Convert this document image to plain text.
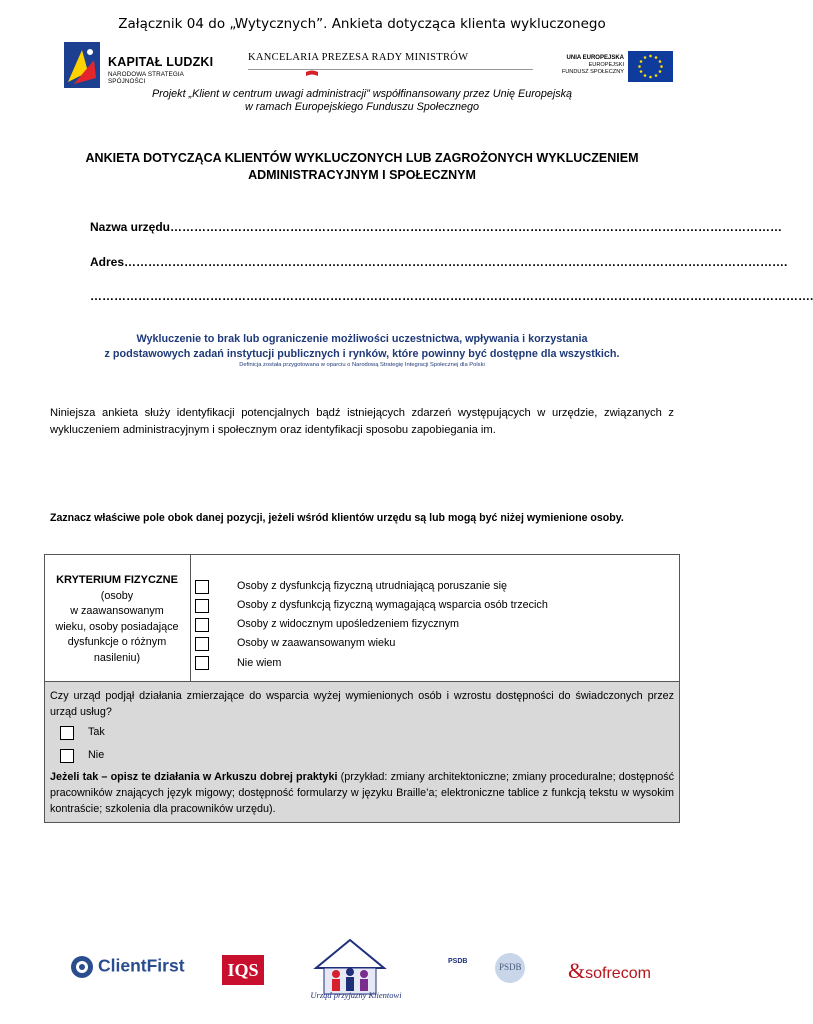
Załącznik 04 do „Wytycznych”. Ankieta dotycząca klienta wykluczonego
KAPITAŁ LUDZKI
NARODOWA STRATEGIA SPÓJNOŚCI
KANCELARIA PREZESA RADY MINISTRÓW	UNIA EUROPEJSKA
EUROPEJSKI
FUNDUSZ SPOŁECZNY
Projekt „Klient w centrum uwagi administracji” współfinansowany przez Unię Europejską
w ramach Europejskiego Funduszu Społecznego
ANKIETA DOTYCZĄCA KLIENTÓW WYKLUCZONYCH LUB ZAGROŻONYCH WYKLUCZENIEM
ADMINISTRACYJNYM I SPOŁECZNYM
Nazwa urzędu………………………………………………………………………………………………………………………………………
Adres………………………………………………………………………………………………………………………………………………….
……………………………………………………………………………………………………………………………………………………………….
Wykluczenie to brak lub ograniczenie możliwości uczestnictwa, wpływania i korzystania
z podstawowych zadań instytucji publicznych i rynków, które powinny być dostępne dla wszystkich.
Definicja została przygotowana w oparciu o Narodową Strategię Integracji Społecznej dla Polski
Niniejsza ankieta służy identyfikacji potencjalnych bądź istniejących zdarzeń występujących w urzędzie, związanych z wykluczeniem administracyjnym i społecznym oraz identyfikacji sposobu zapobiegania im.
Zaznacz właściwe pole obok danej pozycji, jeżeli wśród klientów urzędu są lub mogą być niżej wymienione osoby.
KRYTERIUM FIZYCZNE
(osoby
w zaawansowanym
wieku, osoby posiadające
dysfunkcje o różnym
nasileniu)
Osoby z dysfunkcją fizyczną utrudniającą poruszanie się
Osoby z dysfunkcją fizyczną wymagającą wsparcia osób trzecich
Osoby z widocznym upośledzeniem fizycznym
Osoby w zaawansowanym wieku
Nie wiem
Czy urząd podjął działania zmierzające do wsparcia wyżej wymienionych osób i wzrostu dostępności do świadczonych przez urząd usług?
Tak
Nie
Jeżeli tak – opisz te działania w Arkuszu dobrej praktyki (przykład: zmiany architektoniczne; zmiany proceduralne; dostępność pracowników znających język migowy; dostępność formularzy w języku Braille’a; elektroniczne tablice z funkcją tekstu w wysokim kontraście; szkolenia dla pracowników urzędu).
ClientFirst	IQS
Urząd przyjazny Klientowi
PSDB
PSDB &sofrecom
